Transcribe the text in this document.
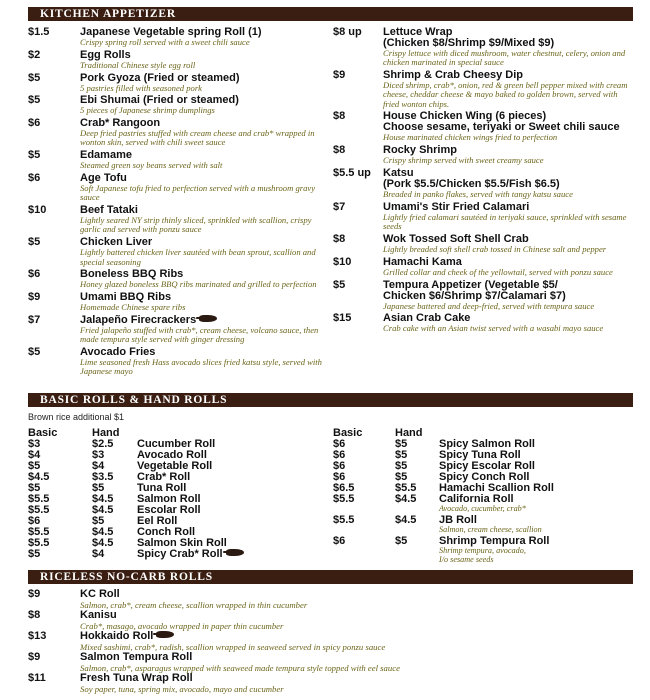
KITCHEN APPETIZER
$1.5	Japanese Vegetable spring Roll (1)
Crispy spring roll served with a sweet chili sauce
$2	Egg Rolls
Traditional Chinese style egg roll
$5	Pork Gyoza (Fried or steamed)
5 pastries filled with seasoned pork
$5	Ebi Shumai (Fried or steamed)
5 pieces of Japanese shrimp dumplings
$6	Crab* Rangoon
Deep fried pastries stuffed with cream cheese and crab* wrapped in wonton skin, served with chili sweet sauce
$5	Edamame
Steamed green soy beans served with salt
$6	Age Tofu
Soft Japanese tofu fried to perfection served with a mushroom gravy sauce
$10	Beef Tataki
Lightly seared NY strip thinly sliced, sprinkled with scallion, crispy garlic and served with ponzu sauce
$5	Chicken Liver
Lightly battered chicken liver sautéed with bean sprout, scallion and special seasoning
$6	Boneless BBQ Ribs
Honey glazed boneless BBQ ribs marinated and grilled to perfection
$9	Umami BBQ Ribs
Homemade Chinese spare ribs
$7	Jalapeño Firecrackers
Fried jalapeño stuffed with crab*, cream cheese, volcano sauce, then made tempura style served with ginger dressing
$5	Avocado Fries
Lime seasoned fresh Hass avocado slices fried katsu style, served with Japanese mayo
$8 up Lettuce Wrap
(Chicken $8/Shrimp $9/Mixed $9)
Crispy lettuce with diced mushroom, water chestnut, celery, onion and chicken marinated in special sauce
$9	Shrimp & Crab Cheesy Dip
Diced shrimp, crab*, onion, red & green bell pepper mixed with cream cheese, cheddar cheese & mayo baked to golden brown, served with fried wonton chips.
$8	House Chicken Wing (6 pieces)
Choose sesame, teriyaki or Sweet chili sauce
House marinated chicken wings fried to perfection
$8	Rocky Shrimp
Crispy shrimp served with sweet creamy sauce
$5.5 up Katsu
(Pork $5.5/Chicken $5.5/Fish $6.5)
Breaded in panko flakes, served with tangy katsu sauce
$7	Umami's Stir Fried Calamari
Lightly fried calamari sautéed in teriyaki sauce, sprinkled with sesame seeds
$8	Wok Tossed Soft Shell Crab
Lightly breaded soft shell crab tossed in Chinese salt and pepper
$10	Hamachi Kama
Grilled collar and cheek of the yellowtail, served with ponzu sauce
$5	Tempura Appetizer (Vegetable $5/
Chicken $6/Shrimp $7/Calamari $7)
Japanese battered and deep-fried, served with tempura sauce
$15	Asian Crab Cake
Crab cake with an Asian twist served with a wasabi mayo sauce
BASIC ROLLS & HAND ROLLS
Brown rice additional $1
Basic	Hand	Basic	Hand
$3	$2.5 Cucumber Roll
$4	$3	Avocado Roll
$5	$4	Vegetable Roll
$4.5	$3.5 Crab* Roll
$5	$5	Tuna Roll
$5.5	$4.5 Salmon Roll
$5.5	$4.5 Escolar Roll
$6	$5	Eel Roll
$5.5	$4.5 Conch Roll
$5.5	$4.5 Salmon Skin Roll
$5	$4	Spicy Crab* Roll
$6	$5	Spicy Salmon Roll
$6	$5	Spicy Tuna Roll
$6	$5	Spicy Escolar Roll
$6	$5	Spicy Conch Roll
$6.5	$5.5 Hamachi Scallion Roll
$5.5	$4.5 California Roll
Avocado, cucumber, crab*
$5.5	$4.5 JB Roll
Salmon, cream cheese, scallion
$6	$5	Shrimp Tempura Roll
Shrimp tempura, avocado,
I/o sesame seeds
RICELESS NO-CARB ROLLS
$9	KC Roll
Salmon, crab*, cream cheese, scallion wrapped in thin cucumber
$8	Kanisu
Crab*, masago, avocado wrapped in paper thin cucumber
$13	Hokkaido Roll
Mixed sashimi, crab*, radish, scallion wrapped in seaweed served in spicy ponzu sauce
$9	Salmon Tempura Roll
Salmon, crab*, asparagus wrapped with seaweed made tempura style topped with eel sauce
$11	Fresh Tuna Wrap Roll
Soy paper, tuna, spring mix, avocado, mayo and cucumber
